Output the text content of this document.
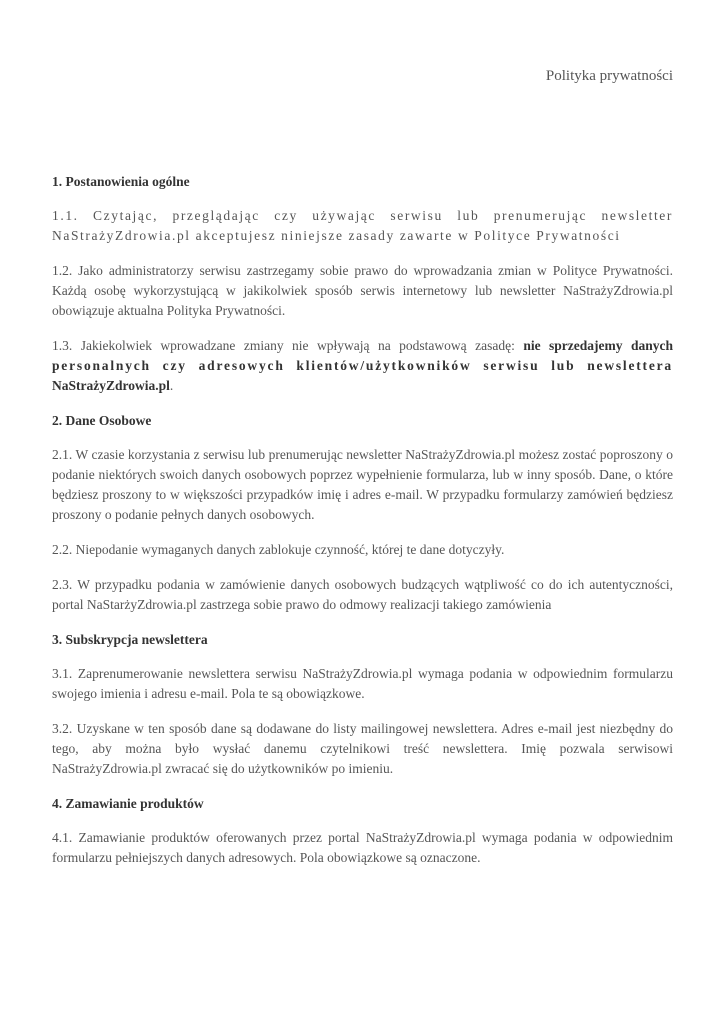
Polityka prywatności
1. Postanowienia ogólne

1.1. Czytając, przeglądając czy używając serwisu lub prenumerując newsletter NaStrażyZdrowia.pl akceptujesz niniejsze zasady zawarte w Polityce Prywatności

1.2. Jako administratorzy serwisu zastrzegamy sobie prawo do wprowadzania zmian w Polityce Prywatności. Każdą osobę wykorzystującą w jakikolwiek sposób serwis internetowy lub newsletter NaStrażyZdrowia.pl obowiązuje aktualna Polityka Prywatności.

1.3. Jakiekolwiek wprowadzane zmiany nie wpływają na podstawową zasadę: nie sprzedajemy danych personalnych czy adresowych klientów/użytkowników serwisu lub newslettera NaStrażyZdrowia.pl.

2. Dane Osobowe

2.1. W czasie korzystania z serwisu lub prenumerując newsletter NaStrażyZdrowia.pl możesz zostać poproszony o podanie niektórych swoich danych osobowych poprzez wypełnienie formularza, lub w inny sposób. Dane, o które będziesz proszony to w większości przypadków imię i adres e-mail. W przypadku formularzy zamówień będziesz proszony o podanie pełnych danych osobowych.

2.2. Niepodanie wymaganych danych zablokuje czynność, której te dane dotyczyły.

2.3. W przypadku podania w zamówienie danych osobowych budzących wątpliwość co do ich autentyczności, portal NaStarżyZdrowia.pl zastrzega sobie prawo do odmowy realizacji takiego zamówienia

3. Subskrypcja newslettera

3.1. Zaprenumerowanie newslettera serwisu NaStrażyZdrowia.pl wymaga podania w odpowiednim formularzu swojego imienia i adresu e-mail. Pola te są obowiązkowe.

3.2. Uzyskane w ten sposób dane są dodawane do listy mailingowej newslettera. Adres e-mail jest niezbędny do tego, aby można było wysłać danemu czytelnikowi treść newslettera. Imię pozwala serwisowi NaStrażyZdrowia.pl zwracać się do użytkowników po imieniu.

4. Zamawianie produktów

4.1. Zamawianie produktów oferowanych przez portal NaStrażyZdrowia.pl wymaga podania w odpowiednim formularzu pełniejszych danych adresowych. Pola obowiązkowe są oznaczone.
